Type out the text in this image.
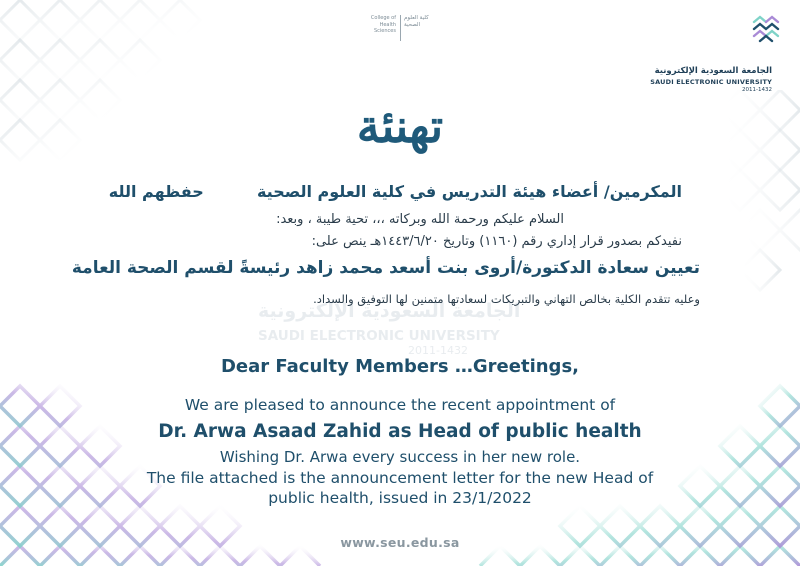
College of Health Sciences
كلية العلوم الصحية
الجامعة السعودية الإلكترونية
SAUDI ELECTRONIC UNIVERSITY
2011-1432
تهنئة
المكرمين/ أعضاء هيئة التدريس في كلية العلوم الصحية  حفظهم الله
السلام عليكم ورحمة الله وبركاته ،،، تحية طيبة ، وبعد:
نفيدكم بصدور قرار إداري رقم (١١٦٠) وتاريخ ١٤٤٣/٦/٢٠هـ ينص على:
تعيين سعادة الدكتورة/أروى بنت أسعد محمد زاهد رئيسةً لقسم الصحة العامة
وعليه تتقدم الكلية بخالص التهاني والتبريكات لسعادتها متمنين لها التوفيق والسداد.
الجامعة السعودية الإلكترونية
SAUDI ELECTRONIC UNIVERSITY
2011-1432
Dear Faculty Members …Greetings,
We are pleased to announce the recent appointment of
Dr. Arwa Asaad Zahid as Head of public health
Wishing Dr. Arwa every success in her new role.
The file attached is the announcement letter for the new Head of
public health, issued in 23/1/2022
www.seu.edu.sa
